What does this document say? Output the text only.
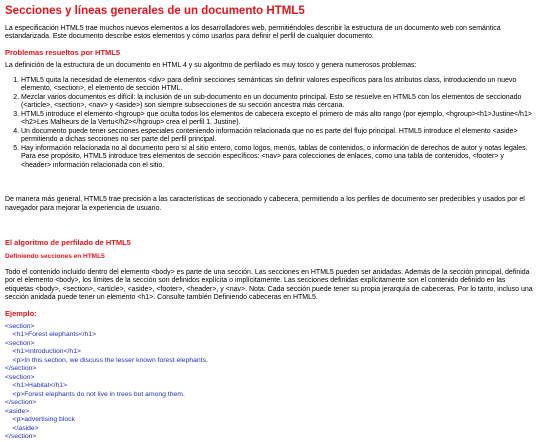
Secciones y líneas generales de un documento HTML5

La especificación HTML5 trae muchos nuevos elementos a los desarrolladores web, permitiéndoles describir la estructura de un documento web con semántica estandarizada. Este documento describe estos elementos y cómo usarlos para definir el perfil de cualquier documento.

Problemas resueltos por HTML5

La definición de la estructura de un documento en HTML 4 y su algoritmo de perfilado es muy tosco y genera numerosos problemas:

1. HTML5 quita la necesidad de elementos <div> para definir secciones semánticas sin definir valores específicos para los atributos class, introduciendo un nuevo elemento, <section>, el elemento de sección HTML.
2. Mezclar varios documentos es difícil: la inclusión de un sub-documento en un documento principal. Esto se resuelve en HTML5 con los elementos de seccionado (<article>, <section>, <nav> y <aside>) son siempre subsecciones de su sección ancestra más cercana.
3. HTML5 introduce el elemento <hgroup> que oculta todos los elementos de cabecera excepto el primero de más alto rango (por ejemplo, <hgroup><h1>Justine</h1><h2>Les Malheurs de la Vertu</h2></hgroup> crea el perfil 1. Justine).
4. Un documento puede tener secciones especiales conteniendo información relacionada que no es parte del flujo principal. HTML5 introduce el elemento <aside> permitiendo a dichas secciones no ser parte del perfil principal.
5. Hay información relacionada no al documento pero sí al sitio entero, como logos, menús, tablas de contenidos, o información de derechos de autor y notas legales. Para ese propósito, HTML5 introduce tres elementos de sección específicos: <nav> para colecciones de enlaces, como una tabla de contenidos, <footer> y <header> información relacionada con el sitio.

De manera más general, HTML5 trae precisión a las características de seccionado y cabecera, permitiendo a los perfiles de documento ser predecibles y usados por el navegador para mejorar la experiencia de usuario.

El algoritmo de perfilado de HTML5
Definiendo secciones en HTML5

Todo el contenido incluido dentro del elemento <body> es parte de una sección. Las secciones en HTML5 pueden ser anidadas. Además de la sección principal, definida por el elemento <body>, los límites de la sección son definidos explícita o implícitamente. Las secciones definidas explícitamente son el contenido definido en las etiquetas <body>, <section>, <article>, <aside>, <footer>, <header>, y <nav>. Nota: Cada sección puede tener su propia jerarquía de cabeceras. Por lo tanto, incluso una sección anidada puede tener un elemento <h1>. Consulte también Definiendo cabeceras en HTML5.

Ejemplo:
<section>
<h1>Forest elephants</h1>
<section>
<h1>Introduction</h1>
<p>In this section, we discuss the lesser known forest elephants.
</section>
<section>
<h1>Habitat</h1>
<p>Forest elephants do not live in trees but among them.
</section>
<aside>
<p>advertising block
</aside>
</section>
